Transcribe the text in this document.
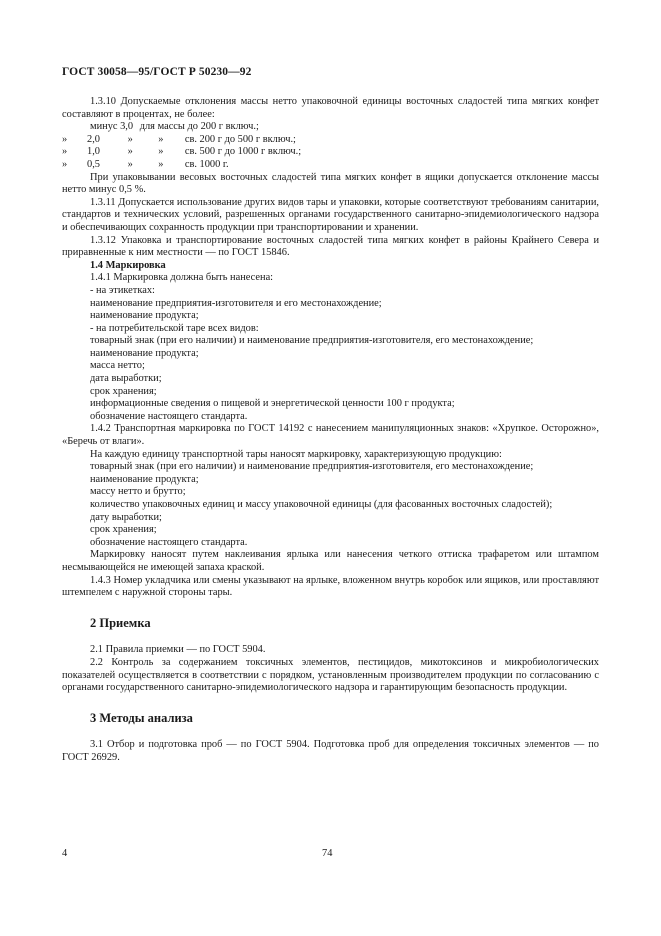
ГОСТ 30058—95/ГОСТ Р 50230—92

1.3.10 Допускаемые отклонения массы нетто упаковочной единицы восточных сладостей типа мягких конфет составляют в процентах, не более:

минус 3,0 для массы до 200 г включ.;

» 2,0	» » св. 200 г до 500 г включ.;

» 1,0	» » св. 500 г до 1000 г включ.;

» 0,5	» » св. 1000 г.

При упаковывании весовых восточных сладостей типа мягких конфет в ящики допускается отклонение массы нетто минус 0,5 %.

1.3.11 Допускается использование других видов тары и упаковки, которые соответствуют требованиям санитарии, стандартов и технических условий, разрешенных органами государственного санитарно-эпидемиологического надзора и обеспечивающих сохранность продукции при транспортировании и хранении.

1.3.12 Упаковка и транспортирование восточных сладостей типа мягких конфет в районы Крайнего Севера и приравненные к ним местности — по ГОСТ 15846.

1.4 Маркировка

1.4.1 Маркировка должна быть нанесена:

- на этикетках:

наименование предприятия-изготовителя и его местонахождение;

наименование продукта;

- на потребительской таре всех видов:

товарный знак (при его наличии) и наименование предприятия-изготовителя, его местонахождение;

наименование продукта;

масса нетто;

дата выработки;

срок хранения;

информационные сведения о пищевой и энергетической ценности 100 г продукта;

обозначение настоящего стандарта.

1.4.2 Транспортная маркировка по ГОСТ 14192 с нанесением манипуляционных знаков: «Хрупкое. Осторожно», «Беречь от влаги».

На каждую единицу транспортной тары наносят маркировку, характеризующую продукцию:

товарный знак (при его наличии) и наименование предприятия-изготовителя, его местонахождение;

наименование продукта;

массу нетто и брутто;

количество упаковочных единиц и массу упаковочной единицы (для фасованных восточных сладостей);

дату выработки;

срок хранения;

обозначение настоящего стандарта.

Маркировку наносят путем наклеивания ярлыка или нанесения четкого оттиска трафаретом или штампом несмывающейся не имеющей запаха краской.

1.4.3 Номер укладчика или смены указывают на ярлыке, вложенном внутрь коробок или ящиков, или проставляют штемпелем с наружной стороны тары.

2 Приемка

2.1 Правила приемки — по ГОСТ 5904.

2.2 Контроль за содержанием токсичных элементов, пестицидов, микотоксинов и микробиологических показателей осуществляется в соответствии с порядком, установленным производителем продукции по согласованию с органами государственного санитарно-эпидемиологического надзора и гарантирующим безопасность продукции.

3 Методы анализа

3.1 Отбор и подготовка проб — по ГОСТ 5904. Подготовка проб для определения токсичных элементов — по ГОСТ 26929.

4	74
